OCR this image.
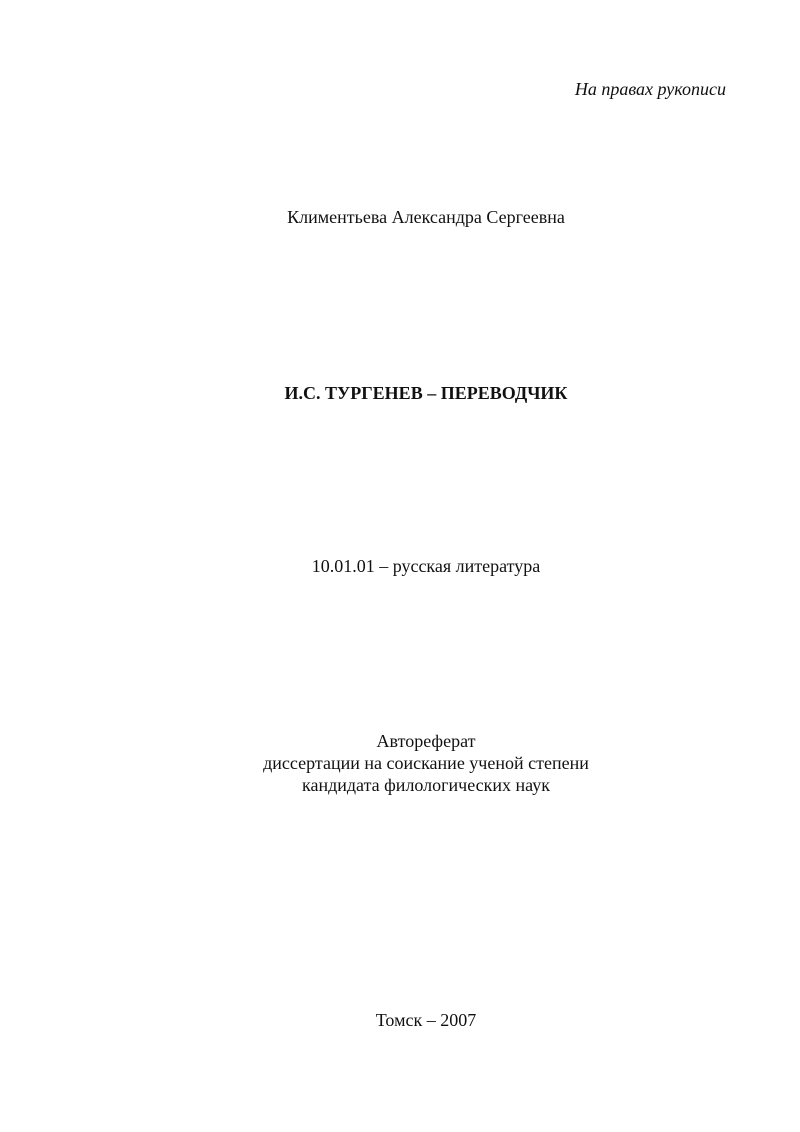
На правах рукописи
Климентьева Александра Сергеевна
И.С. ТУРГЕНЕВ – ПЕРЕВОДЧИК
10.01.01 – русская литература
Автореферат
диссертации на соискание ученой степени
кандидата филологических наук
Томск – 2007
